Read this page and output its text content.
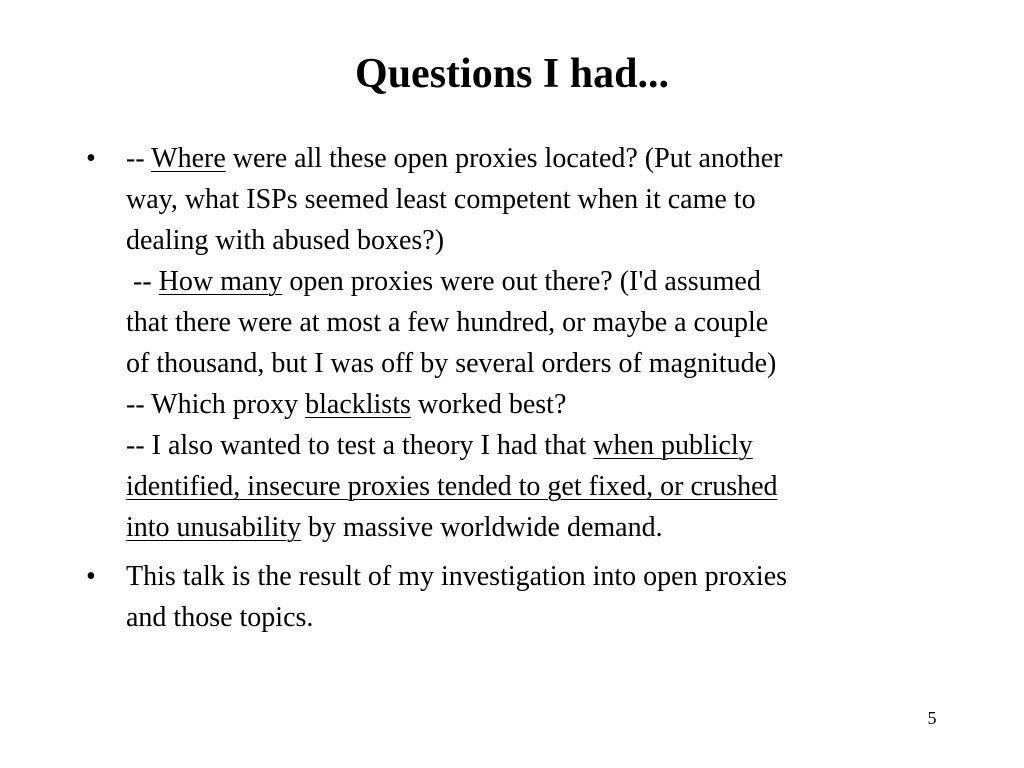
Questions I had...
• -- Where were all these open proxies located? (Put another
way, what ISPs seemed least competent when it came to
dealing with abused boxes?)
-- How many open proxies were out there? (I'd assumed
that there were at most a few hundred, or maybe a couple
of thousand, but I was off by several orders of magnitude)
-- Which proxy blacklists worked best?
-- I also wanted to test a theory I had that when publicly
identified, insecure proxies tended to get fixed, or crushed
into unusability by massive worldwide demand.
• This talk is the result of my investigation into open proxies
and those topics.
5
